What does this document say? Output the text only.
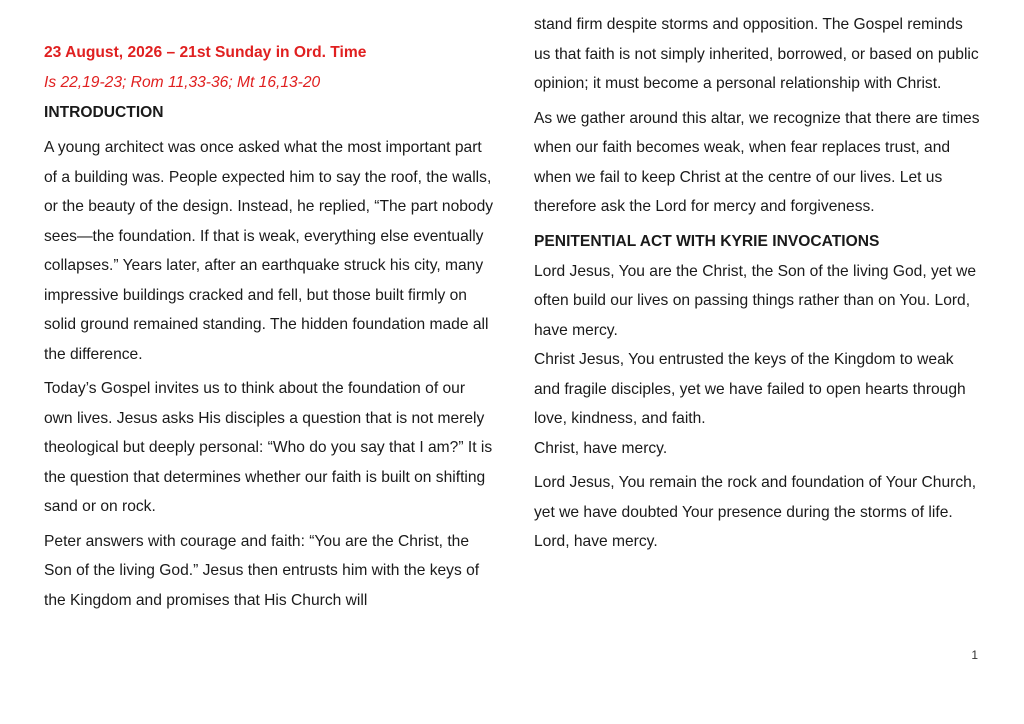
23 August, 2026 – 21st Sunday in Ord. Time
Is 22,19-23; Rom 11,33-36; Mt 16,13-20
INTRODUCTION

A young architect was once asked what the most important part of a building was. People expected him to say the roof, the walls, or the beauty of the design. Instead, he replied, “The part nobody sees—the foundation. If that is weak, everything else eventually collapses.” Years later, after an earthquake struck his city, many impressive buildings cracked and fell, but those built firmly on solid ground remained standing. The hidden foundation made all the difference.

Today’s Gospel invites us to think about the foundation of our own lives. Jesus asks His disciples a question that is not merely theological but deeply personal: “Who do you say that I am?” It is the question that determines whether our faith is built on shifting sand or on rock.

Peter answers with courage and faith: “You are the Christ, the Son of the living God.” Jesus then entrusts him with the keys of the Kingdom and promises that His Church will

stand firm despite storms and opposition. The Gospel reminds us that faith is not simply inherited, borrowed, or based on public opinion; it must become a personal relationship with Christ.

As we gather around this altar, we recognize that there are times when our faith becomes weak, when fear replaces trust, and when we fail to keep Christ at the centre of our lives. Let us therefore ask the Lord for mercy and forgiveness.

PENITENTIAL ACT WITH KYRIE INVOCATIONS

Lord Jesus, You are the Christ, the Son of the living God, yet we often build our lives on passing things rather than on You. Lord, have mercy.

Christ Jesus, You entrusted the keys of the Kingdom to weak and fragile disciples, yet we have failed to open hearts through love, kindness, and faith.

Christ, have mercy.

Lord Jesus, You remain the rock and foundation of Your Church, yet we have doubted Your presence during the storms of life. Lord, have mercy.

1
